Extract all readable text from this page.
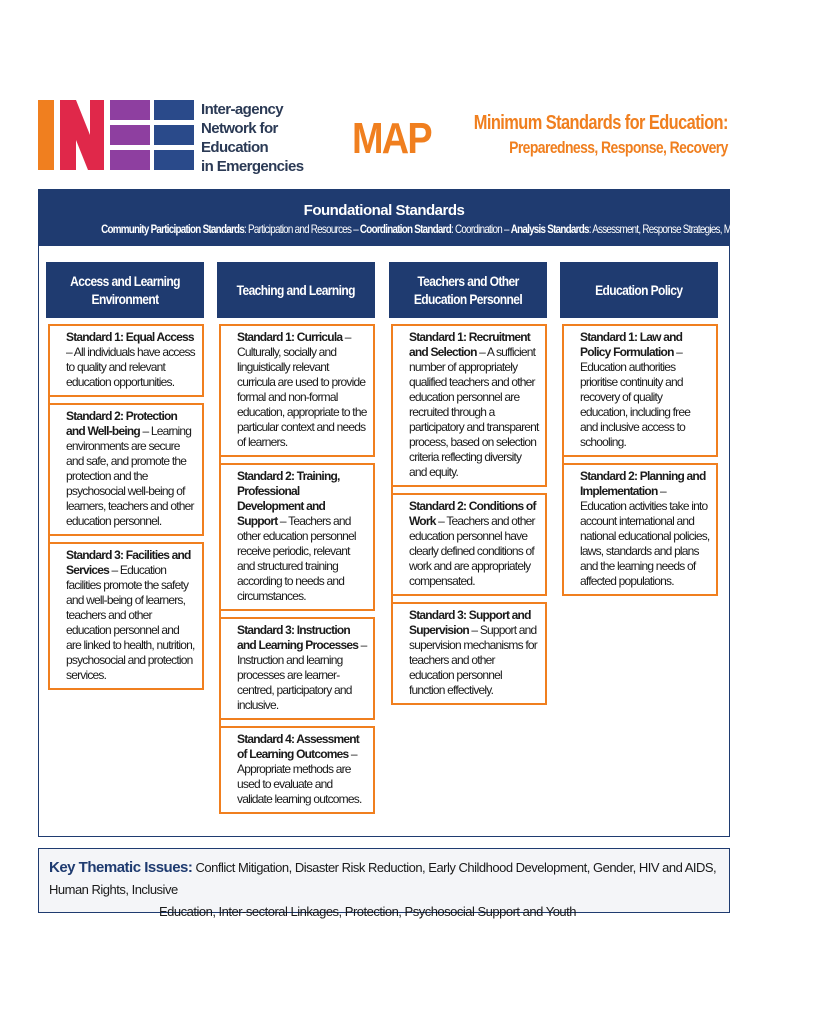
Inter-agency
Network for Education
in Emergencies
MAP Minimum Standards for Education:
Preparedness, Response, Recovery
Foundational Standards
Community Participation Standards: Participation and Resources – Coordination Standard: Coordination – Analysis Standards: Assessment, Response Strategies, Monitoring and Evaluation
Access and Learning Environment
Standard 1: Equal Access – All individuals have access to quality and relevant education opportunities.
Standard 2: Protection and Well-being – Learning environments are secure and safe, and promote the protection and the psychosocial well-being of learners, teachers and other education personnel.
Standard 3: Facilities and Services – Education facilities promote the safety and well-being of learners, teachers and other education personnel and are linked to health, nutrition, psychosocial and protection services.
Teaching and Learning
Standard 1: Curricula – Culturally, socially and linguistically relevant curricula are used to provide formal and non-formal education, appropriate to the particular context and needs of learners.
Standard 2: Training, Professional Development and Support – Teachers and other education personnel receive periodic, relevant and structured training according to needs and circumstances.
Standard 3: Instruction and Learning Processes – Instruction and learning processes are learner-centred, participatory and inclusive.
Standard 4: Assessment of Learning Outcomes – Appropriate methods are used to evaluate and validate learning outcomes.
Teachers and Other Education Personnel
Standard 1: Recruitment and Selection – A sufficient number of appropriately qualified teachers and other education personnel are recruited through a participatory and transparent process, based on selection criteria reflecting diversity and equity.
Standard 2: Conditions of Work – Teachers and other education personnel have clearly defined conditions of work and are appropriately compensated.
Standard 3: Support and Supervision – Support and supervision mechanisms for teachers and other education personnel function effectively.
Education Policy
Standard 1: Law and Policy Formulation – Education authorities prioritise continuity and recovery of quality education, including free and inclusive access to schooling.
Standard 2: Planning and Implementation – Education activities take into account international and national educational policies, laws, standards and plans and the learning needs of affected populations.
Key Thematic Issues: Conflict Mitigation, Disaster Risk Reduction, Early Childhood Development, Gender, HIV and AIDS, Human Rights, Inclusive
Education, Inter-sectoral Linkages, Protection, Psychosocial Support and Youth
